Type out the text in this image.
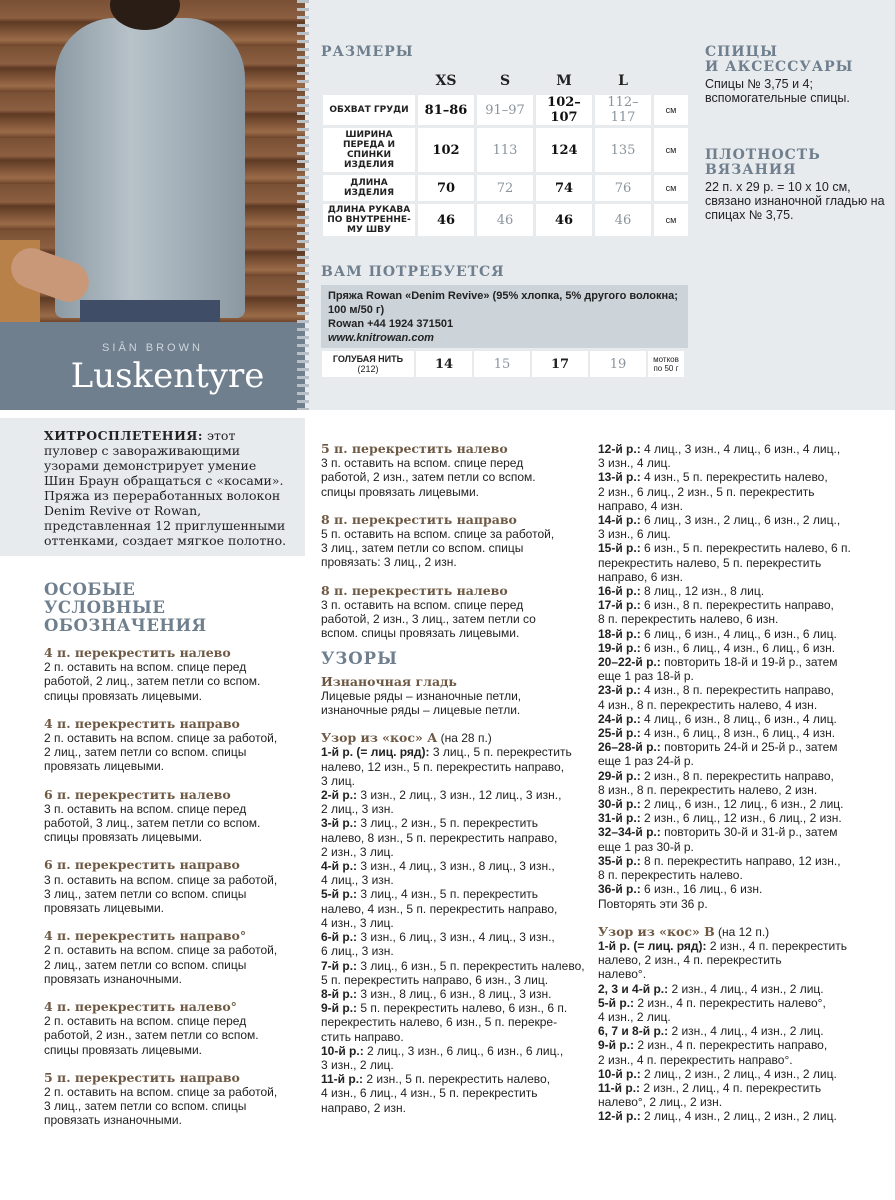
SIÂN BROWN
Luskentyre
РАЗМЕРЫ
	XS	S	M	L	
ОБХВАТ ГРУДИ	81–86	91–97	102–107	112–117	см
ШИРИНА ПЕРЕДА И СПИНКИ ИЗДЕЛИЯ	102	113	124	135	см
ДЛИНА ИЗДЕЛИЯ	70	72	74	76	см
ДЛИНА РУКАВА ПО ВНУТРЕННЕ-МУ ШВУ	46	46	46	46	см
СПИЦЫ
И АКСЕССУАРЫ
Спицы № 3,75 и 4; вспомогательные спицы.
ПЛОТНОСТЬ
ВЯЗАНИЯ
22 п. х 29 р. = 10 х 10 см, связано изнаночной гладью на спицах № 3,75.
ВАМ ПОТРЕБУЕТСЯ
Пряжа Rowan «Denim Revive» (95% хлопка, 5% другого волокна;
100 м/50 г)
Rowan +44 1924 371501
www.knitrowan.com
ГОЛУБАЯ НИТЬ
(212)	14	15	17	19	мотков
по 50 г
ХИТРОСПЛЕТЕНИЯ: этот пуловер с завораживающими узорами демонстрирует умение Шин Браун обращаться с «косами». Пряжа из переработанных волокон Denim Revive от Rowan, представленная 12 приглушенными оттенками, создает мягкое полотно.
ОСОБЫЕ
УСЛОВНЫЕ
ОБОЗНАЧЕНИЯ
4 п. перекрестить налево
2 п. оставить на вспом. спице перед
работой, 2 лиц., затем петли со вспом.
спицы провязать лицевыми.
4 п. перекрестить направо
2 п. оставить на вспом. спице за работой,
2 лиц., затем петли со вспом. спицы
провязать лицевыми.
6 п. перекрестить налево
3 п. оставить на вспом. спице перед
работой, 3 лиц., затем петли со вспом.
спицы провязать лицевыми.
6 п. перекрестить направо
3 п. оставить на вспом. спице за работой,
3 лиц., затем петли со вспом. спицы
провязать лицевыми.
4 п. перекрестить направо°
2 п. оставить на вспом. спице за работой,
2 лиц., затем петли со вспом. спицы
провязать изнаночными.
4 п. перекрестить налево°
2 п. оставить на вспом. спице перед
работой, 2 изн., затем петли со вспом.
спицы провязать лицевыми.
5 п. перекрестить направо
2 п. оставить на вспом. спице за работой,
3 лиц., затем петли со вспом. спицы
провязать изнаночными.
5 п. перекрестить налево
3 п. оставить на вспом. спице перед
работой, 2 изн., затем петли со вспом.
спицы провязать лицевыми.
8 п. перекрестить направо
5 п. оставить на вспом. спице за работой,
3 лиц., затем петли со вспом. спицы
провязать: 3 лиц., 2 изн.
8 п. перекрестить налево
3 п. оставить на вспом. спице перед
работой, 2 изн., 3 лиц., затем петли со
вспом. спицы провязать лицевыми.
УЗОРЫ
Изнаночная гладь
Лицевые ряды – изнаночные петли,
изнаночные ряды – лицевые петли.
Узор из «кос» А (на 28 п.)
1-й р. (= лиц. ряд): 3 лиц., 5 п. перекрестить
налево, 12 изн., 5 п. перекрестить направо,
3 лиц.
2-й р.: 3 изн., 2 лиц., 3 изн., 12 лиц., 3 изн.,
2 лиц., 3 изн.
3-й р.: 3 лиц., 2 изн., 5 п. перекрестить
налево, 8 изн., 5 п. перекрестить направо,
2 изн., 3 лиц.
4-й р.: 3 изн., 4 лиц., 3 изн., 8 лиц., 3 изн.,
4 лиц., 3 изн.
5-й р.: 3 лиц., 4 изн., 5 п. перекрестить
налево, 4 изн., 5 п. перекрестить направо,
4 изн., 3 лиц.
6-й р.: 3 изн., 6 лиц., 3 изн., 4 лиц., 3 изн.,
6 лиц., 3 изн.
7-й р.: 3 лиц., 6 изн., 5 п. перекрестить налево,
5 п. перекрестить направо, 6 изн., 3 лиц.
8-й р.: 3 изн., 8 лиц., 6 изн., 8 лиц., 3 изн.
9-й р.: 5 п. перекрестить налево, 6 изн., 6 п.
перекрестить налево, 6 изн., 5 п. перекре-
стить направо.
10-й р.: 2 лиц., 3 изн., 6 лиц., 6 изн., 6 лиц.,
3 изн., 2 лиц.
11-й р.: 2 изн., 5 п. перекрестить налево,
4 изн., 6 лиц., 4 изн., 5 п. перекрестить
направо, 2 изн.
12-й р.: 4 лиц., 3 изн., 4 лиц., 6 изн., 4 лиц.,
3 изн., 4 лиц.
13-й р.: 4 изн., 5 п. перекрестить налево,
2 изн., 6 лиц., 2 изн., 5 п. перекрестить
направо, 4 изн.
14-й р.: 6 лиц., 3 изн., 2 лиц., 6 изн., 2 лиц.,
3 изн., 6 лиц.
15-й р.: 6 изн., 5 п. перекрестить налево, 6 п.
перекрестить налево, 5 п. перекрестить
направо, 6 изн.
16-й р.: 8 лиц., 12 изн., 8 лиц.
17-й р.: 6 изн., 8 п. перекрестить направо,
8 п. перекрестить налево, 6 изн.
18-й р.: 6 лиц., 6 изн., 4 лиц., 6 изн., 6 лиц.
19-й р.: 6 изн., 6 лиц., 4 изн., 6 лиц., 6 изн.
20–22-й р.: повторить 18-й и 19-й р., затем
еще 1 раз 18-й р.
23-й р.: 4 изн., 8 п. перекрестить направо,
4 изн., 8 п. перекрестить налево, 4 изн.
24-й р.: 4 лиц., 6 изн., 8 лиц., 6 изн., 4 лиц.
25-й р.: 4 изн., 6 лиц., 8 изн., 6 лиц., 4 изн.
26–28-й р.: повторить 24-й и 25-й р., затем
еще 1 раз 24-й р.
29-й р.: 2 изн., 8 п. перекрестить направо,
8 изн., 8 п. перекрестить налево, 2 изн.
30-й р.: 2 лиц., 6 изн., 12 лиц., 6 изн., 2 лиц.
31-й р.: 2 изн., 6 лиц., 12 изн., 6 лиц., 2 изн.
32–34-й р.: повторить 30-й и 31-й р., затем
еще 1 раз 30-й р.
35-й р.: 8 п. перекрестить направо, 12 изн.,
8 п. перекрестить налево.
36-й р.: 6 изн., 16 лиц., 6 изн.
Повторять эти 36 р.
Узор из «кос» В (на 12 п.)
1-й р. (= лиц. ряд): 2 изн., 4 п. перекрестить
налево, 2 изн., 4 п. перекрестить
налево°.
2, 3 и 4-й р.: 2 изн., 4 лиц., 4 изн., 2 лиц.
5-й р.: 2 изн., 4 п. перекрестить налево°,
4 изн., 2 лиц.
6, 7 и 8-й р.: 2 изн., 4 лиц., 4 изн., 2 лиц.
9-й р.: 2 изн., 4 п. перекрестить направо,
2 изн., 4 п. перекрестить направо°.
10-й р.: 2 лиц., 2 изн., 2 лиц., 4 изн., 2 лиц.
11-й р.: 2 изн., 2 лиц., 4 п. перекрестить
налево°, 2 лиц., 2 изн.
12-й р.: 2 лиц., 4 изн., 2 лиц., 2 изн., 2 лиц.
